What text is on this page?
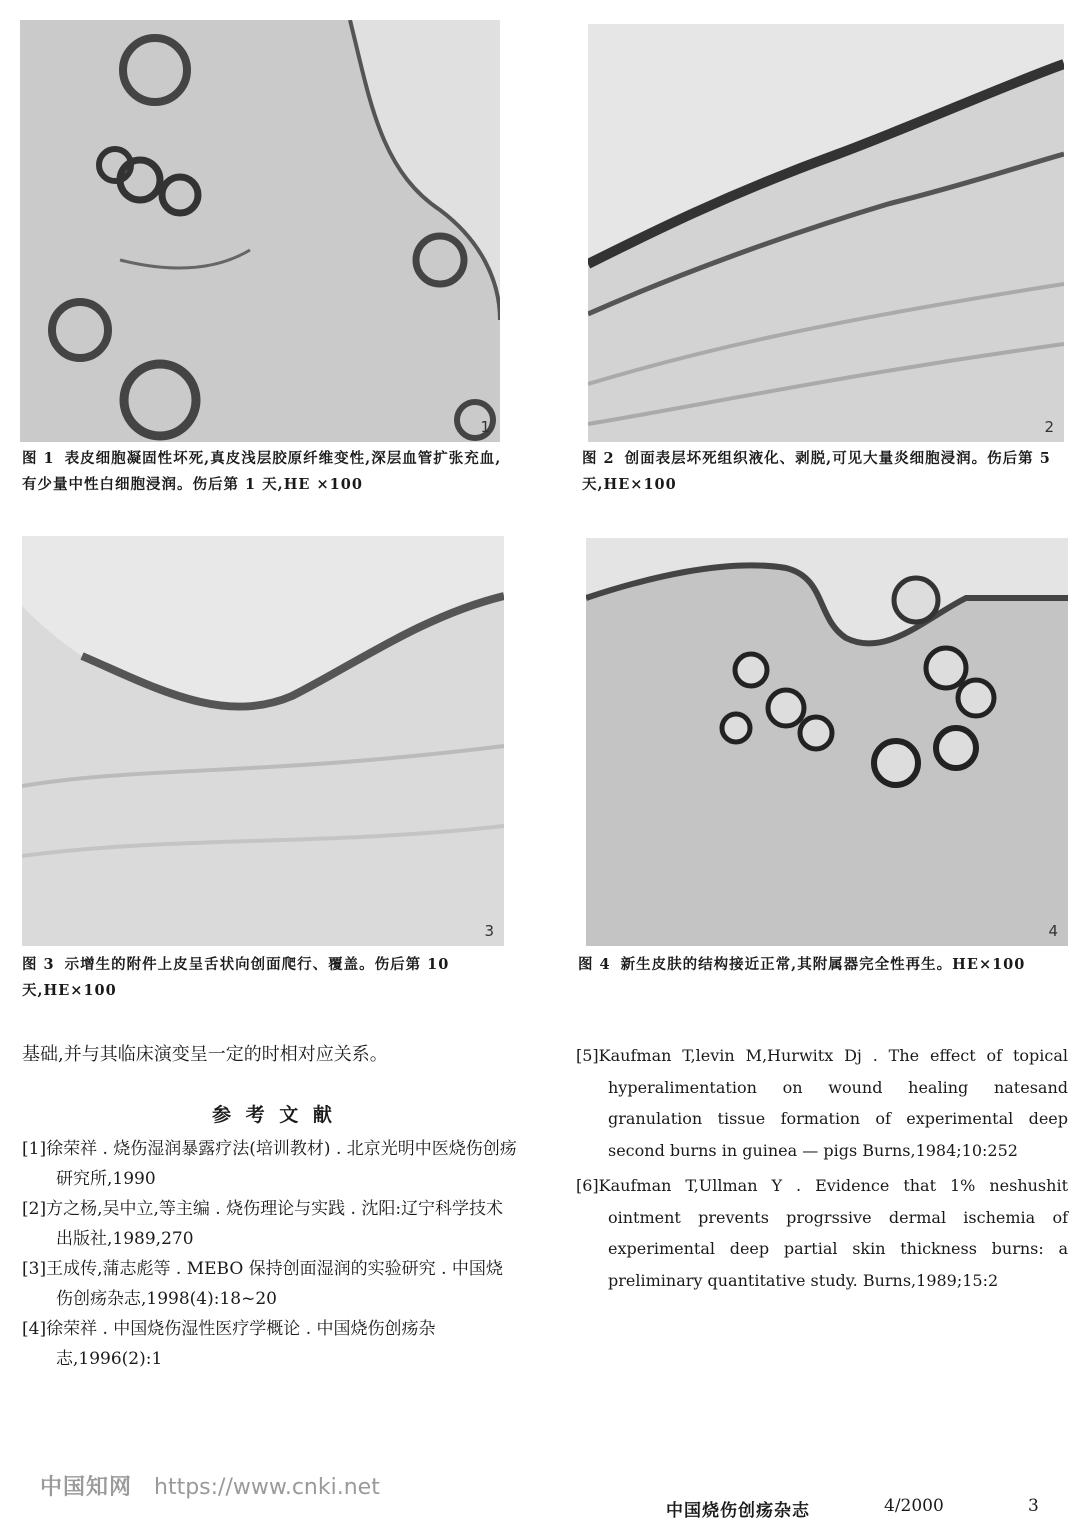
1	2
图 1 表皮细胞凝固性坏死,真皮浅层胶原纤维变性,深层血管扩张充血,有少量中性白细胞浸润。伤后第 1 天,HE ×100
图 2 创面表层坏死组织液化、剥脱,可见大量炎细胞浸润。伤后第 5 天,HE×100
3	4
图 3 示增生的附件上皮呈舌状向创面爬行、覆盖。伤后第 10 天,HE×100
图 4 新生皮肤的结构接近正常,其附属器完全性再生。HE×100
基础,并与其临床演变呈一定的时相对应关系。
参 考 文 献

[1]徐荣祥 . 烧伤湿润暴露疗法(培训教材) . 北京光明中医烧伤创疡研究所,1990

[2]方之杨,吴中立,等主编 . 烧伤理论与实践 . 沈阳:辽宁科学技术出版社,1989,270

[3]王成传,蒲志彪等 . MEBO 保持创面湿润的实验研究 . 中国烧伤创疡杂志,1998(4):18~20

[4]徐荣祥 . 中国烧伤湿性医疗学概论 . 中国烧伤创疡杂志,1996(2):1

[5]Kaufman T,levin M,Hurwitx Dj . The effect of topical hyperalimentation on wound healing natesand granulation tissue formation of experimental deep second burns in guinea — pigs Burns,1984;10:252

[6]Kaufman T,Ullman Y . Evidence that 1% neshushit ointment prevents progrssive dermal ischemia of experimental deep partial skin thickness burns: a preliminary quantitative study. Burns,1989;15:2

中国知网 https://www.cnki.net
中国烧伤创疡杂志	4/2000	3
